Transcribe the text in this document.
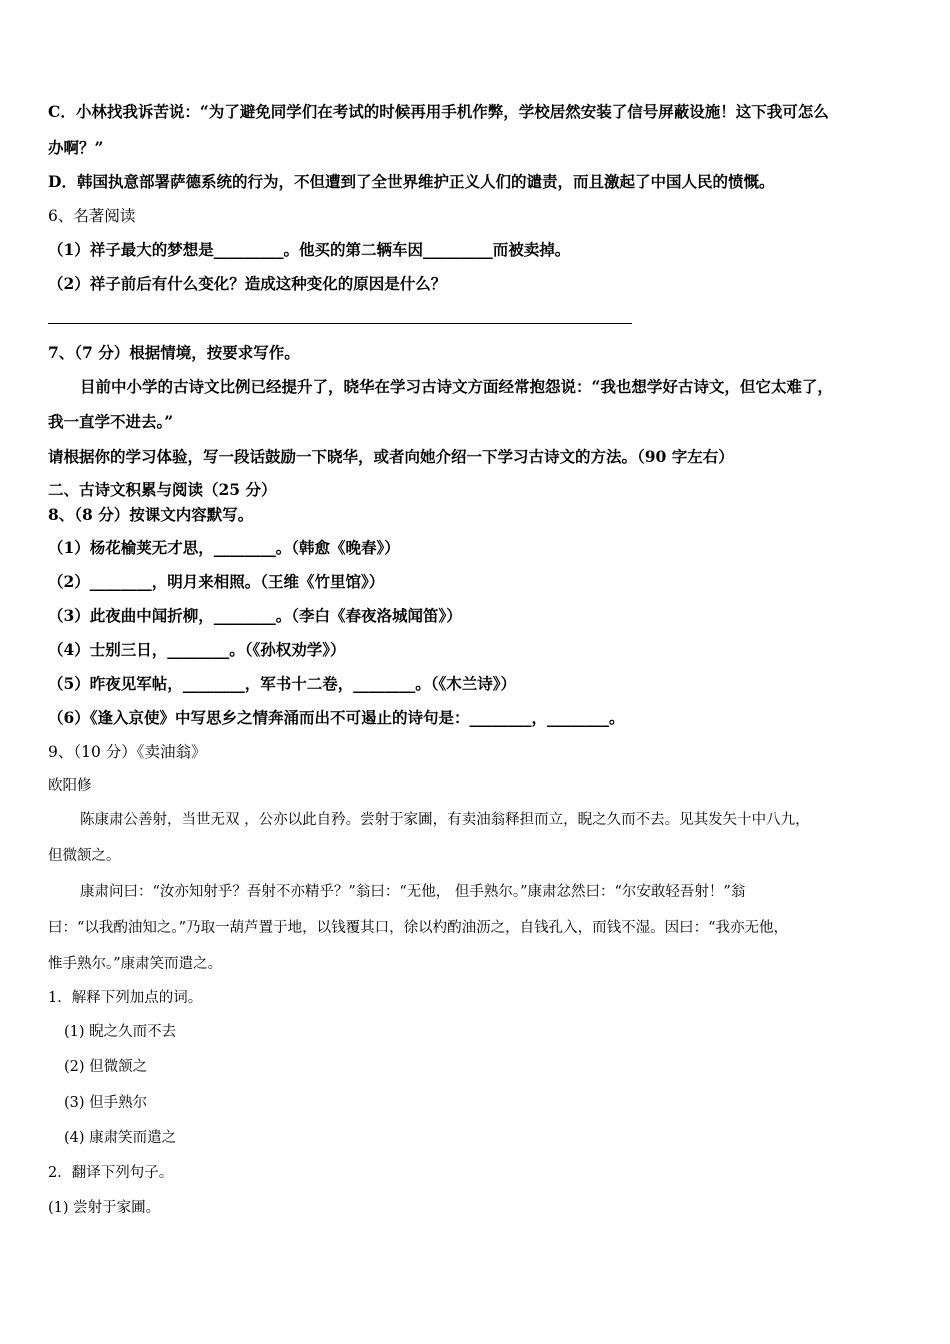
C．小林找我诉苦说：“为了避免同学们在考试的时候再用手机作弊，学校居然安装了信号屏蔽设施！这下我可怎么
办啊？”
D．韩国执意部署萨德系统的行为，不但遭到了全世界维护正义人们的谴责，而且激起了中国人民的愤慨。
6、名著阅读
（1）祥子最大的梦想是_________。他买的第二辆车因_________而被卖掉。
（2）祥子前后有什么变化？造成这种变化的原因是什么？
7、（7 分）根据情境，按要求写作。
目前中小学的古诗文比例已经提升了，晓华在学习古诗文方面经常抱怨说：“我也想学好古诗文，但它太难了，
我一直学不进去。”
请根据你的学习体验，写一段话鼓励一下晓华，或者向她介绍一下学习古诗文的方法。（90 字左右）
二、古诗文积累与阅读（25 分）
8、（8 分）按课文内容默写。
（1）杨花榆荚无才思，________。（韩愈《晚春》）
（2）________，明月来相照。（王维《竹里馆》）
（3）此夜曲中闻折柳，________。（李白《春夜洛城闻笛》）
（4）士别三日，________。（《孙权劝学》）
（5）昨夜见军帖，________，军书十二卷，________。（《木兰诗》）
（6）《逢入京使》中写思乡之情奔涌而出不可遏止的诗句是：________，________。
9、（10 分）《卖油翁》
欧阳修
陈康肃公善射，当世无双 ，公亦以此自矜。尝射于家圃，有卖油翁释担而立，睨之久而不去。见其发矢十中八九，
但微颔之。
康肃问曰：“汝亦知射乎？吾射不亦精乎？”翁曰：“无他， 但手熟尔。”康肃忿然曰：“尔安敢轻吾射！”翁
曰：“以我酌油知之。”乃取一葫芦置于地，以钱覆其口，徐以杓酌油沥之，自钱孔入，而钱不湿。因曰：“我亦无他，
惟手熟尔。”康肃笑而遣之。
1．解释下列加点的词。
(1) 睨之久而不去
(2) 但微颔之
(3) 但手熟尔
(4) 康肃笑而遣之
2．翻译下列句子。
(1) 尝射于家圃。
